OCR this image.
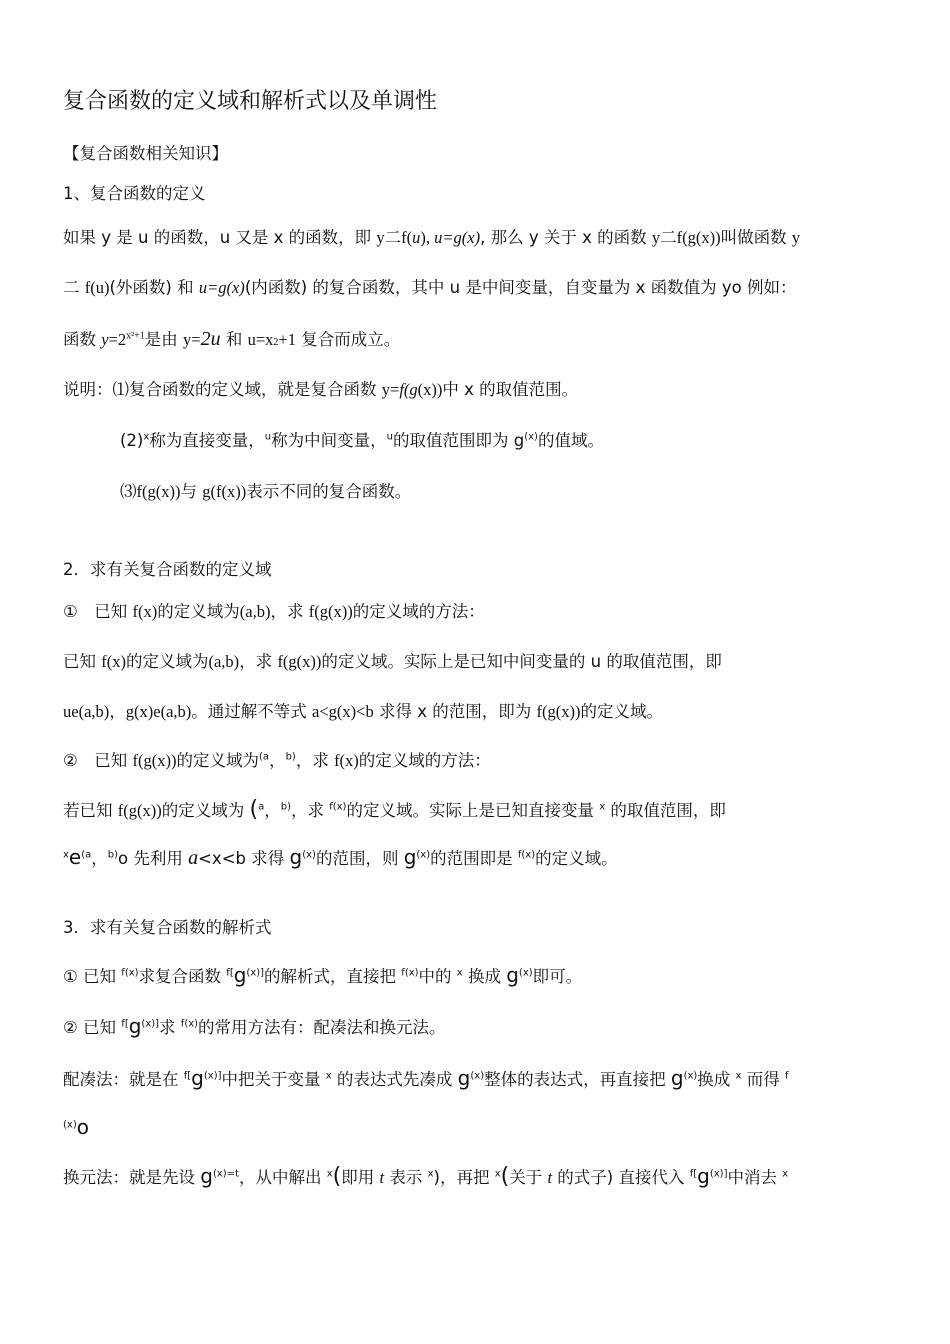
复合函数的定义域和解析式以及单调性
【复合函数相关知识】
1、复合函数的定义
如果 y 是 u 的函数，u 又是 x 的函数，即 y二f(u), u=g(x), 那么 y 关于 x 的函数 y二f(g(x))叫做函数 y
二 f(u)(外函数) 和 u=g(x)(内函数) 的复合函数，其中 u 是中间变量，自变量为 x 函数值为 yo 例如：
函数 $y=2^{x^2+1}$是由 y=2u 和 u=x2+1 复合而成立。
说明：⑴复合函数的定义域，就是复合函数 y=f(g(x))中 x 的取值范围。
$(2)^x$称为直接变量，$^u$称为中间变量，$^u$的取值范围即为 $g^{(x)}$的值域。
⑶f(g(x))与 g(f(x))表示不同的复合函数。
2．求有关复合函数的定义域
①　已知 f(x)的定义域为(a,b)，求 f(g(x))的定义域的方法：
已知 f(x)的定义域为(a,b)，求 f(g(x))的定义域。实际上是已知中间变量的 u 的取值范围，即
ue(a,b)，g(x)e(a,b)。通过解不等式 a<g(x)<b 求得 x 的范围，即为 f(g(x))的定义域。
②　已知 f(g(x))的定义域为$^{(a}$，$^{b)}$，求 f(x)的定义域的方法：
若已知 f(g(x))的定义域为 ($^a$，$^{b)}$，求 $^{f(x)}$的定义域。实际上是已知直接变量 $^x$ 的取值范围，即
$^xe^{(a}$，$^{b)}$o 先利用 a<x<b 求得 $g^{(x)}$的范围，则 $g^{(x)}$的范围即是 $^{f(x)}$的定义域。
3．求有关复合函数的解析式
① 已知 $^{f(x)}$求复合函数 $^{f[}g^{(x)]}$的解析式，直接把 $^{f(x)}$中的 $^x$ 换成 $g^{(x)}$即可。
② 已知 $^{f[}g^{(x)]}$求 $^{f(x)}$的常用方法有：配凑法和换元法。
配凑法：就是在 $^{f[}g^{(x)]}$中把关于变量 $^x$ 的表达式先凑成 $g^{(x)}$整体的表达式，再直接把 $g^{(x)}$换成 $^x$ 而得 $^f$
$^{(x)}$o
换元法：就是先设 $g^{(x)=t}$，从中解出 $^x$(即用 t 表示 $^x$)，再把 $^x$(关于 t 的式子) 直接代入 $^{f[}g^{(x)]}$中消去 $^x$
